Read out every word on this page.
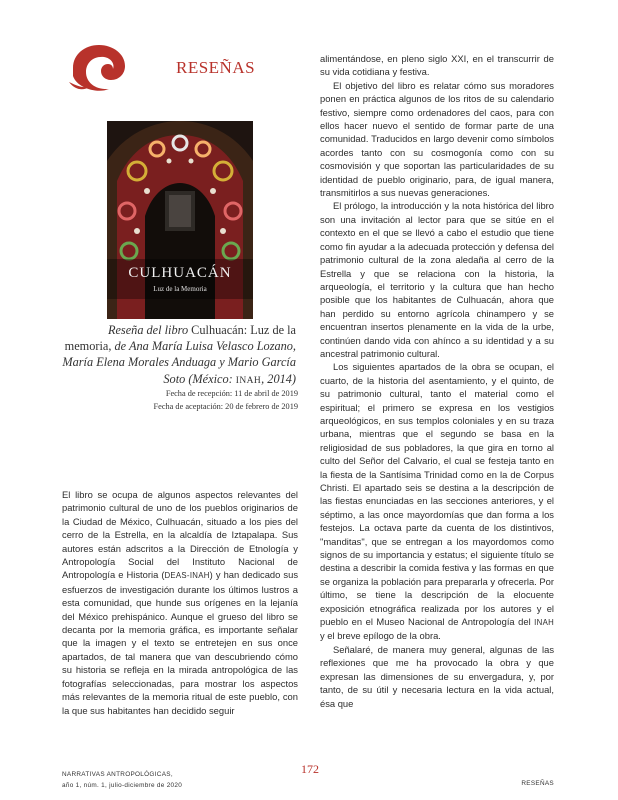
RESEÑAS
CULHUACÁN
Luz de la Memoria
Reseña del libro Culhuacán: Luz de la memoria, de Ana María Luisa Velasco Lozano, María Elena Morales Anduaga y Mario García Soto (México: INAH, 2014)
Fecha de recepción: 11 de abril de 2019
Fecha de aceptación: 20 de febrero de 2019

El libro se ocupa de algunos aspectos relevantes del patrimonio cultural de uno de los pueblos originarios de la Ciudad de México, Culhuacán, situado a los pies del cerro de la Estrella, en la alcaldía de Iztapalapa. Sus autores están adscritos a la Dirección de Etnología y Antropología Social del Instituto Nacional de Antropología e Historia (DEAS-INAH) y han dedicado sus esfuerzos de investigación durante los últimos lustros a esta comunidad, que hunde sus orígenes en la lejanía del México prehispánico. Aunque el grueso del libro se decanta por la memoria gráfica, es importante señalar que la imagen y el texto se entretejen en sus once apartados, de tal manera que van descubriendo cómo su historia se refleja en la mirada antropológica de las fotografías seleccionadas, para mostrar los aspectos más relevantes de la memoria ritual de este pueblo, con la que sus habitantes han decidido seguir

alimentándose, en pleno siglo XXI, en el transcurrir de su vida cotidiana y festiva.

El objetivo del libro es relatar cómo sus moradores ponen en práctica algunos de los ritos de su calendario festivo, siempre como ordenadores del caos, para con ellos hacer nuevo el sentido de formar parte de una comunidad. Traducidos en largo devenir como símbolos acordes tanto con su cosmogonía como con su cosmovisión y que soportan las particularidades de su identidad de pueblo originario, para, de igual manera, transmitirlos a sus nuevas generaciones.

El prólogo, la introducción y la nota histórica del libro son una invitación al lector para que se sitúe en el contexto en el que se llevó a cabo el estudio que tiene como fin ayudar a la adecuada protección y defensa del patrimonio cultural de la zona aledaña al cerro de la Estrella y que se relaciona con la historia, la arqueología, el territorio y la cultura que han hecho posible que los habitantes de Culhuacán, ahora que han perdido su entorno agrícola chinampero y se encuentran insertos plenamente en la vida de la urbe, continúen dando vida con ahínco a su identidad y a su ancestral patrimonio cultural.

Los siguientes apartados de la obra se ocupan, el cuarto, de la historia del asentamiento, y el quinto, de su patrimonio cultural, tanto el material como el espiritual; el primero se expresa en los vestigios arqueológicos, en sus templos coloniales y en su traza urbana, mientras que el segundo se basa en la religiosidad de sus pobladores, la que gira en torno al culto del Señor del Calvario, el cual se festeja tanto en la fiesta de la Santísima Trinidad como en la de Corpus Christi. El apartado seis se destina a la descripción de las fiestas enunciadas en las secciones anteriores, y el séptimo, a las once mayordomías que dan forma a los festejos. La octava parte da cuenta de los distintivos, "manditas", que se entregan a los mayordomos como signos de su importancia y estatus; el siguiente título se destina a describir la comida festiva y las formas en que se organiza la población para prepararla y ofrecerla. Por último, se tiene la descripción de la elocuente exposición etnográfica realizada por los autores y el pueblo en el Museo Nacional de Antropología del INAH y el breve epílogo de la obra.

Señalaré, de manera muy general, algunas de las reflexiones que me ha provocado la obra y que expresan las dimensiones de su envergadura, y, por tanto, de su útil y necesaria lectura en la vida actual, ésa que

NARRATIVAS ANTROPOLÓGICAS,
año 1, núm. 1, julio-diciembre de 2020
172
RESEÑAS
